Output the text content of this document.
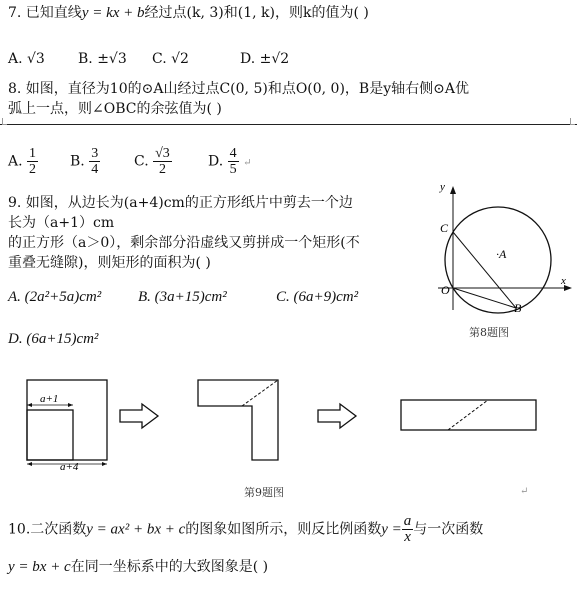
7. 已知直线y = kx + b经过点(k, 3)和(1, k)，则k的值为( )
A. √3 B. ±√3 C. √2	D. ±√2
8. 如图，直径为10的⊙A山经过点C(0, 5)和点O(0, 0)，B是y轴右侧⊙A优
弧上一点，则∠OBC的余弦值为( )
A. $\frac{1}{2} B$. $\frac{3}{4} C$. $\frac{√3}{2}$	D. $\frac{4}{5}$ ↵
y
x
C
·A
O
B
第8题图
9. 如图，从边长为(a+4)cm的正方形纸片中剪去一个边
长为（a+1）cm
的正方形（a＞0），剩余部分沿虚线又剪拼成一个矩形(不
重叠无缝隙)，则矩形的面积为( )
A. (2a²+5a)cm² B. (3a+15)cm²	C. (6a+9)cm²
D. (6a+15)cm²
a+1
a+4
第9题图	↵
10.二次函数y = ax² + bx + c的图象如图所示，则反比例函数$y = \frac{a}{x}$ 与一次函数
y = bx + c在同一坐标系中的大致图象是( )
